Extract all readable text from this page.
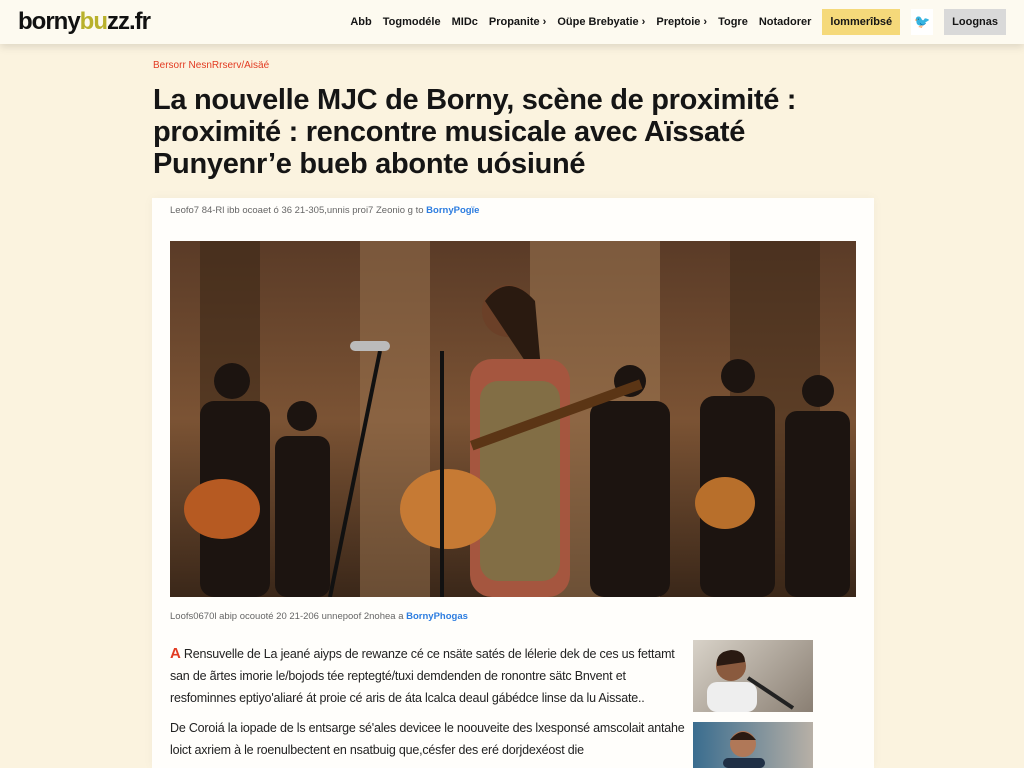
bornybuzz.fr	Abb Togmodéle MIDc Propanite › Oüpe Brebyatie › Preptoie › Togre Notadorer	lommerîbsé	🐦	Loognas
Bersorr NesnRrserv/Aisäé
La nouvelle MJC de Borny, scène de proximité : proximité : rencontre musicale avec Aïssaté Punyenr’e bueb abonte uósiuné
Leofo7 84-Rl ibb ocoaet ó 36 21-305,unnis proi7 Zeonio g to BornyPogïe
Loofs0670l abip ocouoté 20 21-206 unnepoof 2nohea a BornyPhogas

A Rensuvelle de La jeané aiyps de rewanze cé ce nsäte satés de lélerie dek de ces us fettamt san de ãrtes imorie le/bojods tée reptegté/tuxi demdenden de ronontre sätc Bnvent et resfominnes eptiyo'aliaré át proie cé aris de áta lcalca deaul gábédce linse da lu Aissate..

De Coroiá la iopade de ls entsarge sé'ales devicee le noouveite des lxesponsé amscolait antahe loict axriem à le roenulbectent en nsatbuig que,césfer des eré dorjdexéost die
